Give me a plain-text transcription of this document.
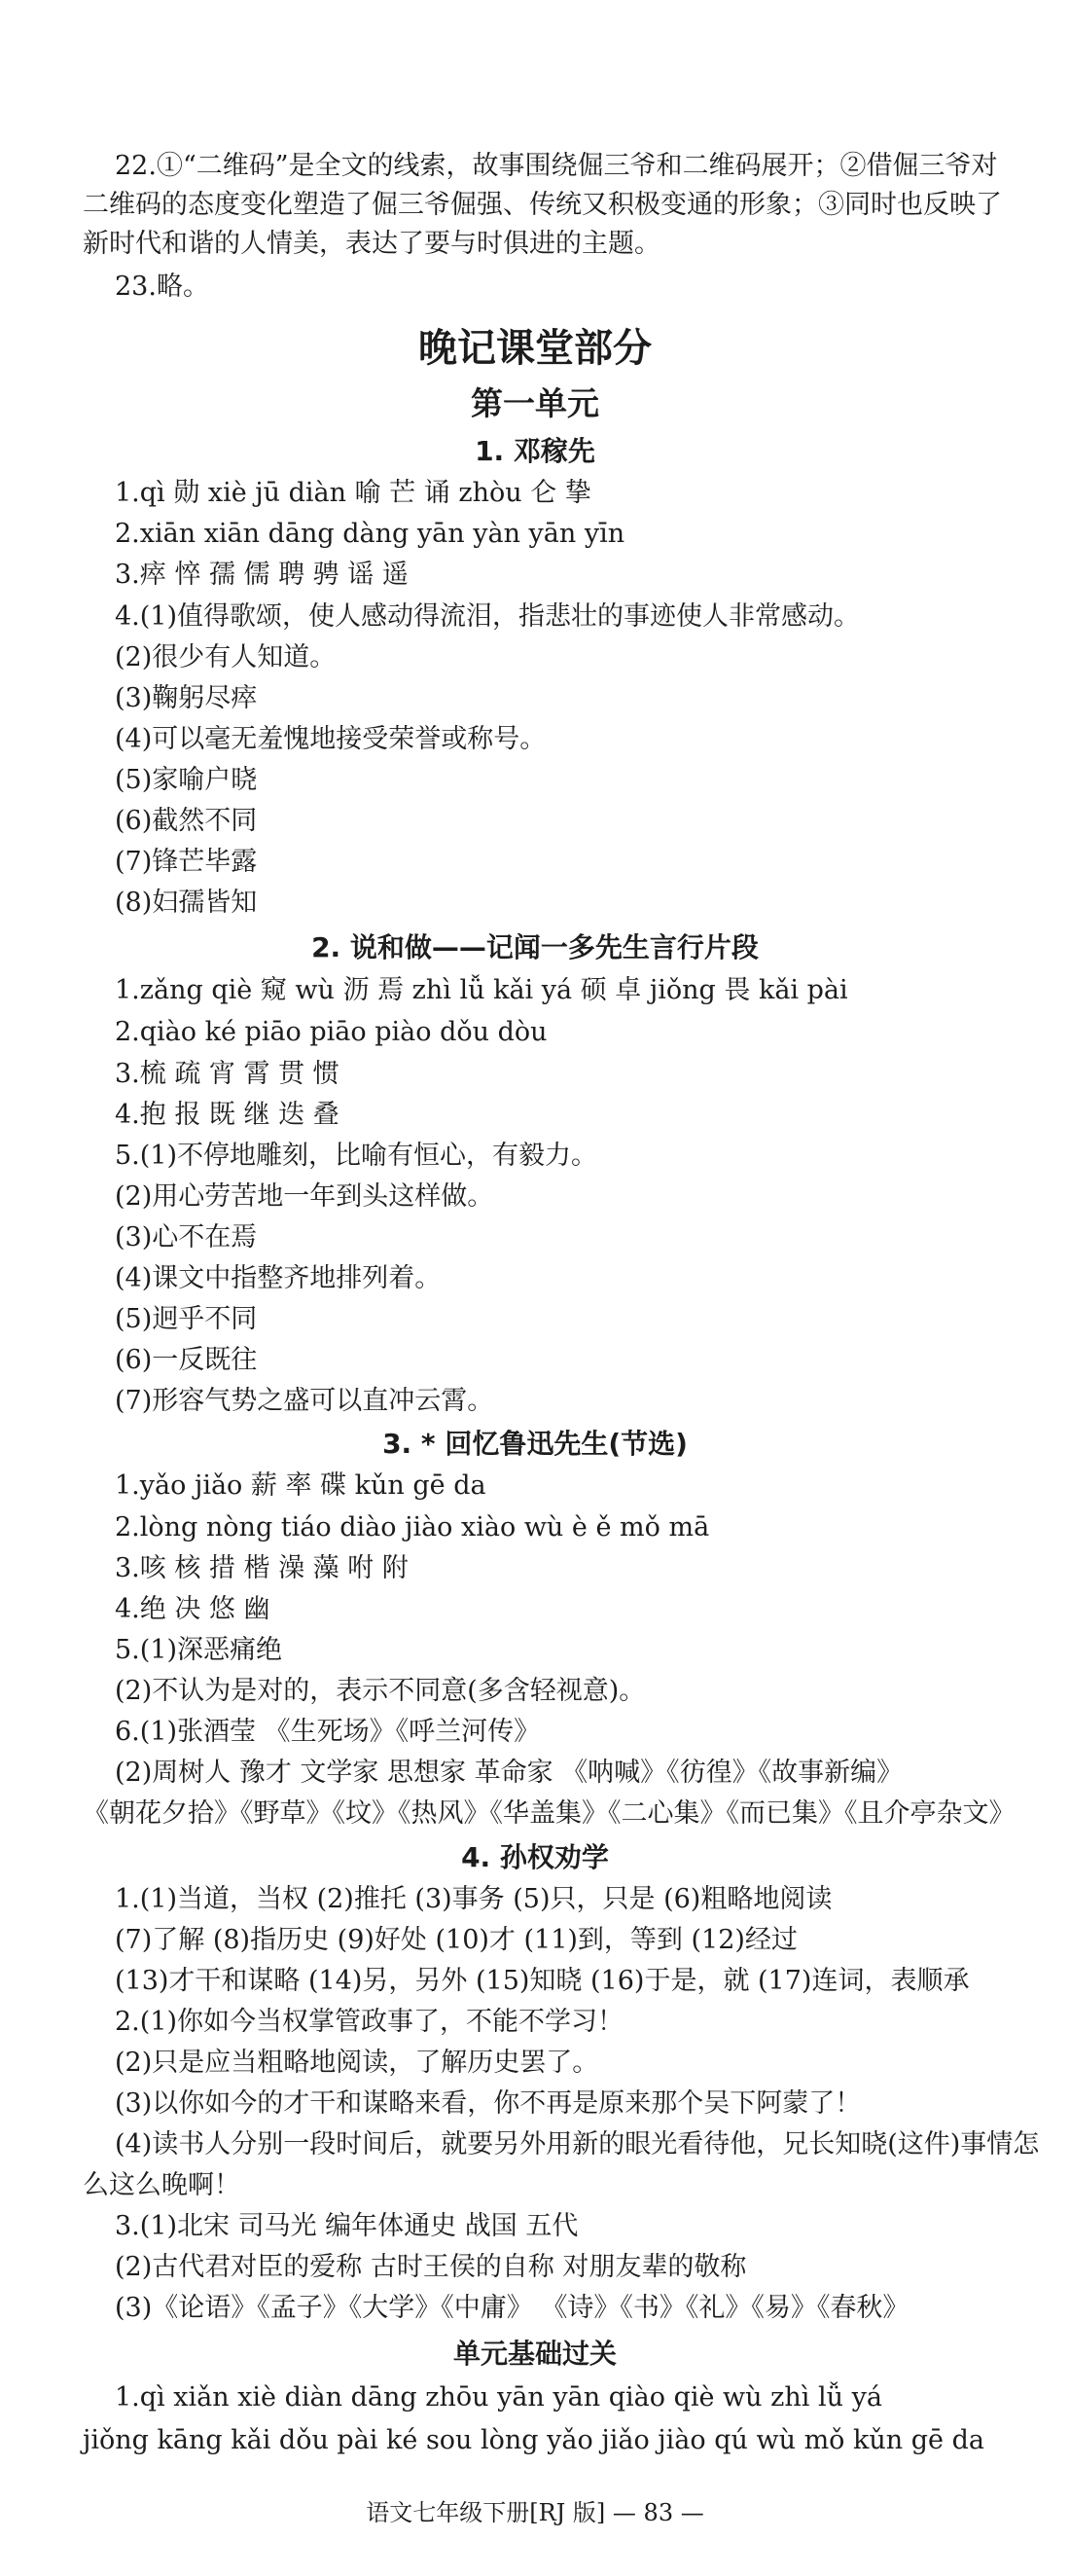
22.①“二维码”是全文的线索，故事围绕倔三爷和二维码展开；②借倔三爷对

二维码的态度变化塑造了倔三爷倔强、传统又积极变通的形象；③同时也反映了

新时代和谐的人情美，表达了要与时俱进的主题。

23.略。

晚记课堂部分
第一单元
1. 邓稼先

1.qì 勋 xiè jū diàn 喻 芒 诵 zhòu 仑 挚

2.xiān xiān dāng dàng yān yàn yān yīn

3.瘁 悴 孺 儒 聘 骋 谣 遥

4.(1)值得歌颂，使人感动得流泪，指悲壮的事迹使人非常感动。

(2)很少有人知道。

(3)鞠躬尽瘁

(4)可以毫无羞愧地接受荣誉或称号。

(5)家喻户晓

(6)截然不同

(7)锋芒毕露

(8)妇孺皆知

2. 说和做——记闻一多先生言行片段

1.zǎng qiè 窥 wù 沥 焉 zhì lǚ kǎi yá 硕 卓 jiǒng 畏 kǎi pài

2.qiào ké piāo piāo piào dǒu dòu

3.梳 疏 宵 霄 贯 惯

4.抱 报 既 继 迭 叠

5.(1)不停地雕刻，比喻有恒心，有毅力。

(2)用心劳苦地一年到头这样做。

(3)心不在焉

(4)课文中指整齐地排列着。

(5)迥乎不同

(6)一反既往

(7)形容气势之盛可以直冲云霄。

3. * 回忆鲁迅先生(节选)

1.yǎo jiǎo 薪 率 碟 kǔn gē da

2.lòng nòng tiáo diào jiào xiào wù è ě mǒ mā

3.咳 核 措 楷 澡 藻 咐 附

4.绝 决 悠 幽

5.(1)深恶痛绝

(2)不认为是对的，表示不同意(多含轻视意)。

6.(1)张酒莹 《生死场》《呼兰河传》

(2)周树人 豫才 文学家 思想家 革命家 《呐喊》《彷徨》《故事新编》

《朝花夕拾》《野草》《坟》《热风》《华盖集》《二心集》《而已集》《且介亭杂文》

4. 孙权劝学

1.(1)当道，当权 (2)推托 (3)事务 (5)只，只是 (6)粗略地阅读

(7)了解 (8)指历史 (9)好处 (10)才 (11)到，等到 (12)经过

(13)才干和谋略 (14)另，另外 (15)知晓 (16)于是，就 (17)连词，表顺承

2.(1)你如今当权掌管政事了，不能不学习！

(2)只是应当粗略地阅读，了解历史罢了。

(3)以你如今的才干和谋略来看，你不再是原来那个吴下阿蒙了！

(4)读书人分别一段时间后，就要另外用新的眼光看待他，兄长知晓(这件)事情怎

么这么晚啊！

3.(1)北宋 司马光 编年体通史 战国 五代

(2)古代君对臣的爱称 古时王侯的自称 对朋友辈的敬称

(3)《论语》《孟子》《大学》《中庸》 《诗》《书》《礼》《易》《春秋》

单元基础过关

1.qì xiǎn xiè diàn dāng zhōu yān yān qiào qiè wù zhì lǚ yá

jiǒng kāng kǎi dǒu pài ké sou lòng yǎo jiǎo jiào qú wù mǒ kǔn gē da

语文七年级下册[RJ 版] — 83 —
